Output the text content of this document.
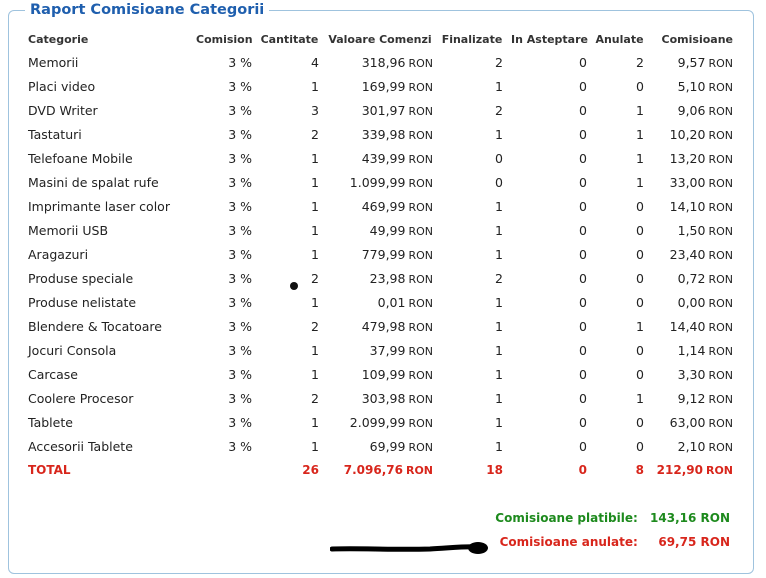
Raport Comisioane Categorii
Categorie	Comision	Cantitate	Valoare Comenzi	Finalizate	In Asteptare	Anulate	Comisioane
Memorii	3 %	4	318,96 RON	2	0	2	9,57 RON
Placi video	3 %	1	169,99 RON	1	0	0	5,10 RON
DVD Writer	3 %	3	301,97 RON	2	0	1	9,06 RON
Tastaturi	3 %	2	339,98 RON	1	0	1	10,20 RON
Telefoane Mobile	3 %	1	439,99 RON	0	0	1	13,20 RON
Masini de spalat rufe	3 %	1	1.099,99 RON	0	0	1	33,00 RON
Imprimante laser color	3 %	1	469,99 RON	1	0	0	14,10 RON
Memorii USB	3 %	1	49,99 RON	1	0	0	1,50 RON
Aragazuri	3 %	1	779,99 RON	1	0	0	23,40 RON
Produse speciale	3 %	2	23,98 RON	2	0	0	0,72 RON
Produse nelistate	3 %	1	0,01 RON	1	0	0	0,00 RON
Blendere & Tocatoare	3 %	2	479,98 RON	1	0	1	14,40 RON
Jocuri Consola	3 %	1	37,99 RON	1	0	0	1,14 RON
Carcase	3 %	1	109,99 RON	1	0	0	3,30 RON
Coolere Procesor	3 %	2	303,98 RON	1	0	1	9,12 RON
Tablete	3 %	1	2.099,99 RON	1	0	0	63,00 RON
Accesorii Tablete	3 %	1	69,99 RON	1	0	0	2,10 RON
TOTAL		26	7.096,76 RON	18	0	8	212,90 RON
Comisioane platibile: 143,16 RON
Comisioane anulate: 69,75 RON
